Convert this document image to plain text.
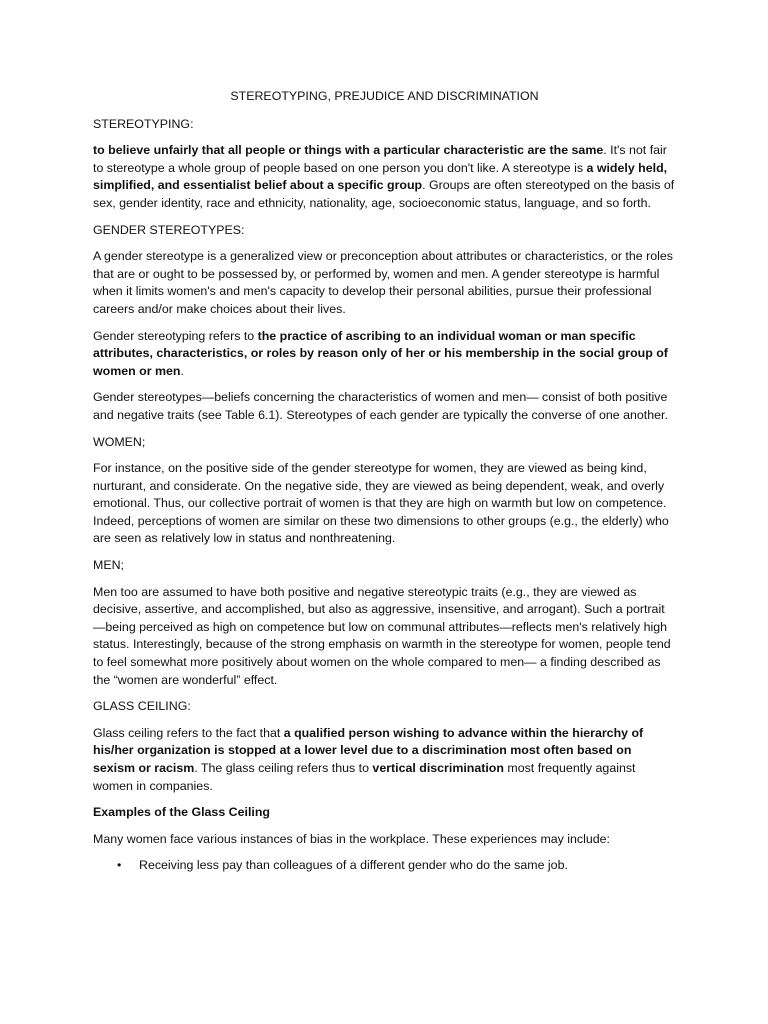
STEREOTYPING, PREJUDICE AND DISCRIMINATION
STEREOTYPING:

to believe unfairly that all people or things with a particular characteristic are the same. It's not fair to stereotype a whole group of people based on one person you don't like. A stereotype is a widely held, simplified, and essentialist belief about a specific group. Groups are often stereotyped on the basis of sex, gender identity, race and ethnicity, nationality, age, socioeconomic status, language, and so forth.

GENDER STEREOTYPES:

A gender stereotype is a generalized view or preconception about attributes or characteristics, or the roles that are or ought to be possessed by, or performed by, women and men. A gender stereotype is harmful when it limits women's and men's capacity to develop their personal abilities, pursue their professional careers and/or make choices about their lives.

Gender stereotyping refers to the practice of ascribing to an individual woman or man specific attributes, characteristics, or roles by reason only of her or his membership in the social group of women or men.

Gender stereotypes—beliefs concerning the characteristics of women and men— consist of both positive and negative traits (see Table 6.1). Stereotypes of each gender are typically the converse of one another.

WOMEN;

For instance, on the positive side of the gender stereotype for women, they are viewed as being kind, nurturant, and considerate. On the negative side, they are viewed as being dependent, weak, and overly emotional. Thus, our collective portrait of women is that they are high on warmth but low on competence. Indeed, perceptions of women are similar on these two dimensions to other groups (e.g., the elderly) who are seen as relatively low in status and nonthreatening.

MEN;

Men too are assumed to have both positive and negative stereotypic traits (e.g., they are viewed as decisive, assertive, and accomplished, but also as aggressive, insensitive, and arrogant). Such a portrait—being perceived as high on competence but low on communal attributes—reflects men's relatively high status. Interestingly, because of the strong emphasis on warmth in the stereotype for women, people tend to feel somewhat more positively about women on the whole compared to men— a finding described as the “women are wonderful” effect.

GLASS CEILING:

Glass ceiling refers to the fact that a qualified person wishing to advance within the hierarchy of his/her organization is stopped at a lower level due to a discrimination most often based on sexism or racism. The glass ceiling refers thus to vertical discrimination most frequently against women in companies.

Examples of the Glass Ceiling

Many women face various instances of bias in the workplace. These experiences may include:

• Receiving less pay than colleagues of a different gender who do the same job.
